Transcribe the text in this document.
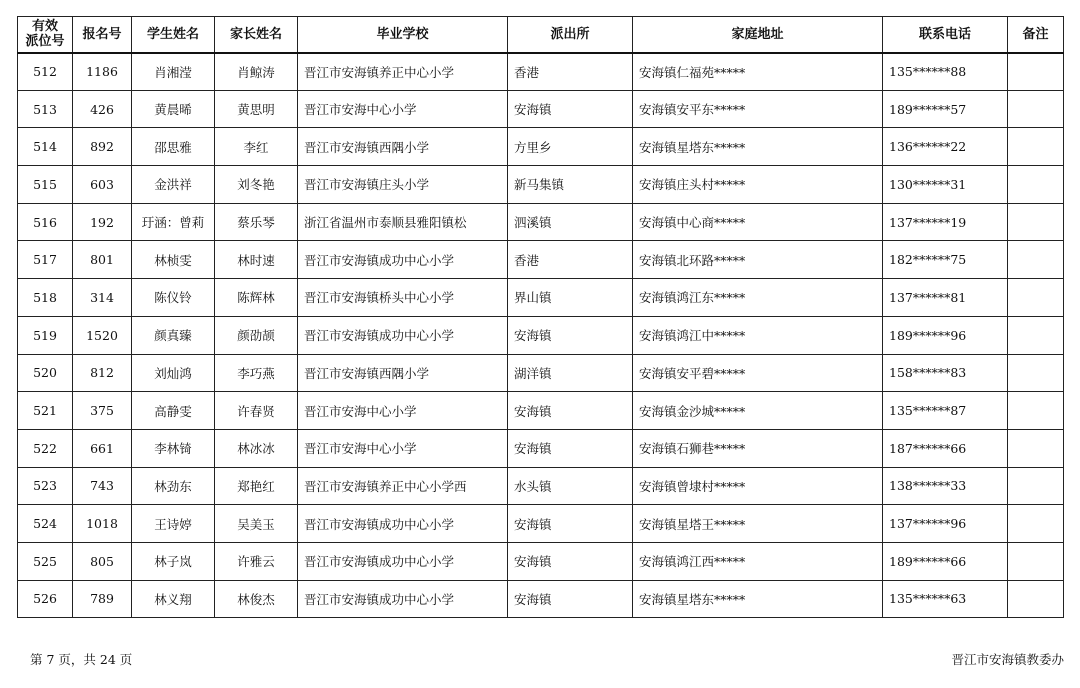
有效
派位号	报名号	学生姓名	家长姓名	毕业学校	派出所	家庭地址	联系电话	备注
512	1186	肖湘滢	肖鲸涛	晋江市安海镇养正中心小学	香港	安海镇仁福苑*****	135******88	
513	426	黄晨晞	黄思明	晋江市安海中心小学	安海镇	安海镇安平东*****	189******57	
514	892	邵思雅	李红	晋江市安海镇西隅小学	方里乡	安海镇星塔东*****	136******22	
515	603	金洪祥	刘冬艳	晋江市安海镇庄头小学	新马集镇	安海镇庄头村*****	130******31	
516	192	玗涵：曾莉	蔡乐琴	浙江省温州市泰顺县雅阳镇松	泗溪镇	安海镇中心商*****	137******19	
517	801	林桢雯	林时速	晋江市安海镇成功中心小学	香港	安海镇北环路*****	182******75	
518	314	陈仪铃	陈辉林	晋江市安海镇桥头中心小学	界山镇	安海镇鸿江东*****	137******81	
519	1520	颜真臻	颜劭颉	晋江市安海镇成功中心小学	安海镇	安海镇鸿江中*****	189******96	
520	812	刘灿鸿	李巧燕	晋江市安海镇西隅小学	湖洋镇	安海镇安平碧*****	158******83	
521	375	高静雯	许春贤	晋江市安海中心小学	安海镇	安海镇金沙城*****	135******87	
522	661	李林锜	林冰冰	晋江市安海中心小学	安海镇	安海镇石狮巷*****	187******66	
523	743	林劲东	郑艳红	晋江市安海镇养正中心小学西	水头镇	安海镇曾埭村*****	138******33	
524	1018	王诗婷	吴美玉	晋江市安海镇成功中心小学	安海镇	安海镇星塔王*****	137******96	
525	805	林子岚	许雅云	晋江市安海镇成功中心小学	安海镇	安海镇鸿江西*****	189******66	
526	789	林义翔	林俊杰	晋江市安海镇成功中心小学	安海镇	安海镇星塔东*****	135******63	
第 7 页，共 24 页	晋江市安海镇教委办
